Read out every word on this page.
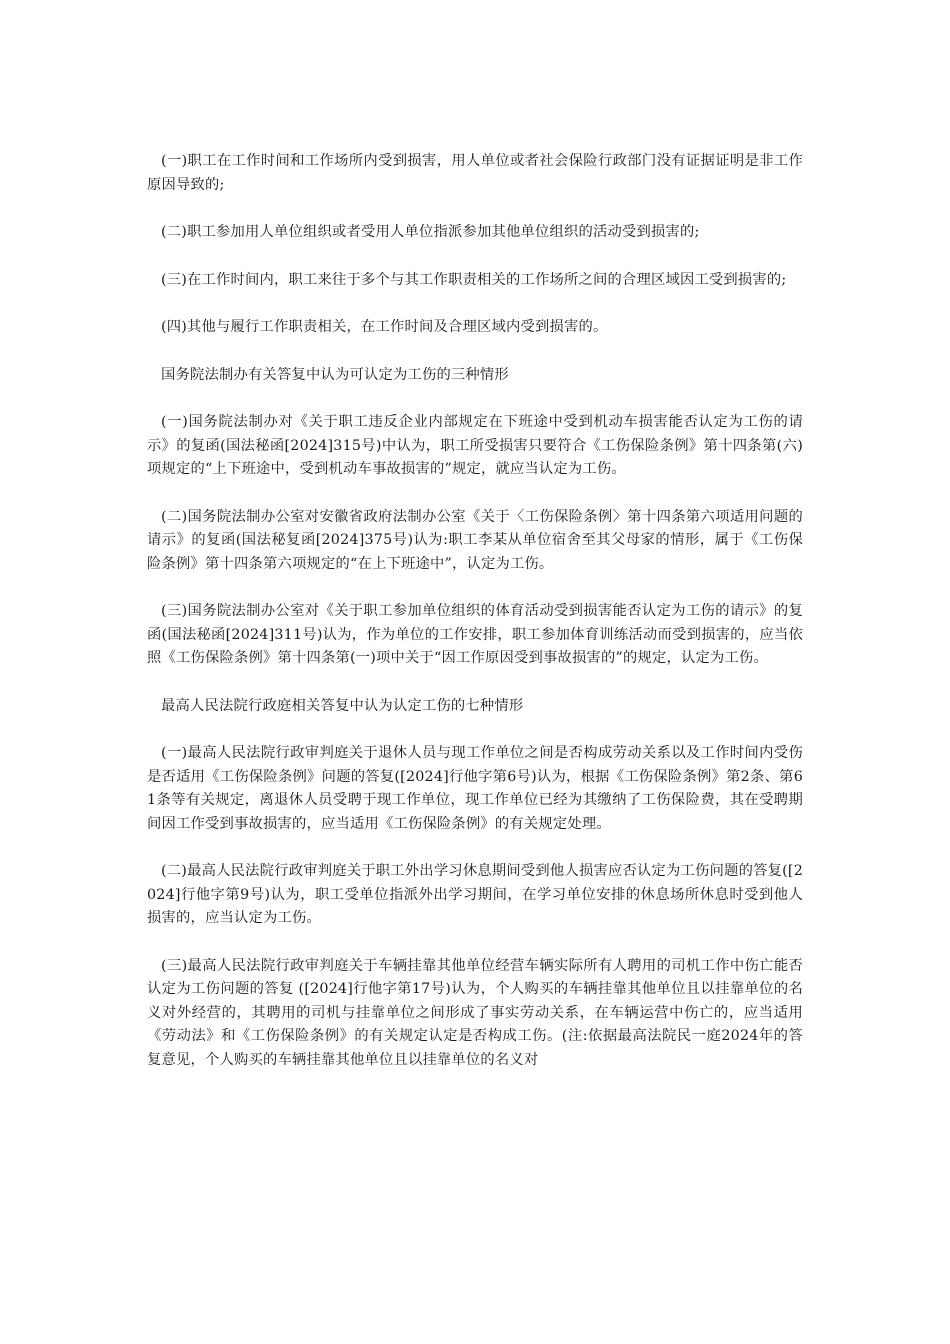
(一)职工在工作时间和工作场所内受到损害，用人单位或者社会保险行政部门没有证据证明是非工作原因导致的;

(二)职工参加用人单位组织或者受用人单位指派参加其他单位组织的活动受到损害的;

(三)在工作时间内，职工来往于多个与其工作职责相关的工作场所之间的合理区域因工受到损害的;

(四)其他与履行工作职责相关，在工作时间及合理区域内受到损害的。

国务院法制办有关答复中认为可认定为工伤的三种情形

(一)国务院法制办对《关于职工违反企业内部规定在下班途中受到机动车损害能否认定为工伤的请示》的复函(国法秘函[2024]315号)中认为，职工所受损害只要符合《工伤保险条例》第十四条第(六)项规定的“上下班途中，受到机动车事故损害的”规定，就应当认定为工伤。

(二)国务院法制办公室对安徽省政府法制办公室《关于〈工伤保险条例〉第十四条第六项适用问题的请示》的复函(国法秘复函[2024]375号)认为:职工李某从单位宿舍至其父母家的情形，属于《工伤保险条例》第十四条第六项规定的“在上下班途中”，认定为工伤。

(三)国务院法制办公室对《关于职工参加单位组织的体育活动受到损害能否认定为工伤的请示》的复函(国法秘函[2024]311号)认为，作为单位的工作安排，职工参加体育训练活动而受到损害的，应当依照《工伤保险条例》第十四条第(一)项中关于“因工作原因受到事故损害的”的规定，认定为工伤。

最高人民法院行政庭相关答复中认为认定工伤的七种情形

(一)最高人民法院行政审判庭关于退休人员与现工作单位之间是否构成劳动关系以及工作时间内受伤是否适用《工伤保险条例》问题的答复([2024]行他字第6号)认为，根据《工伤保险条例》第2条、第61条等有关规定，离退休人员受聘于现工作单位，现工作单位已经为其缴纳了工伤保险费，其在受聘期间因工作受到事故损害的，应当适用《工伤保险条例》的有关规定处理。

(二)最高人民法院行政审判庭关于职工外出学习休息期间受到他人损害应否认定为工伤问题的答复([2024]行他字第9号)认为，职工受单位指派外出学习期间，在学习单位安排的休息场所休息时受到他人损害的，应当认定为工伤。

(三)最高人民法院行政审判庭关于车辆挂靠其他单位经营车辆实际所有人聘用的司机工作中伤亡能否认定为工伤问题的答复 ([2024]行他字第17号)认为，个人购买的车辆挂靠其他单位且以挂靠单位的名义对外经营的，其聘用的司机与挂靠单位之间形成了事实劳动关系，在车辆运营中伤亡的，应当适用《劳动法》和《工伤保险条例》的有关规定认定是否构成工伤。(注:依据最高法院民一庭2024年的答复意见，个人购买的车辆挂靠其他单位且以挂靠单位的名义对
